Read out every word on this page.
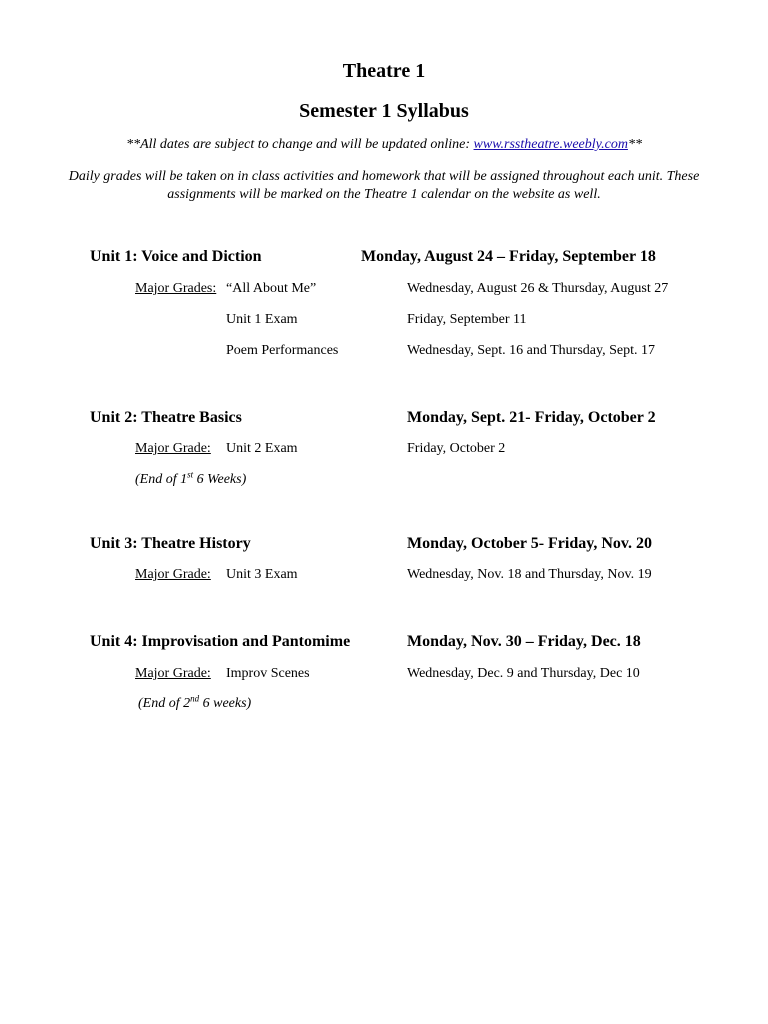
Theatre 1
Semester 1 Syllabus
**All dates are subject to change and will be updated online: www.rsstheatre.weebly.com**
Daily grades will be taken on in class activities and homework that will be assigned throughout each unit. These assignments will be marked on the Theatre 1 calendar on the website as well.
Unit 1: Voice and Diction	Monday, August 24 – Friday, September 18
Major Grades: “All About Me”	Wednesday, August 26 & Thursday, August 27
Unit 1 Exam	Friday, September 11
Poem Performances	Wednesday, Sept. 16 and Thursday, Sept. 17
Unit 2: Theatre Basics	Monday, Sept. 21- Friday, October 2
Major Grade: Unit 2 Exam	Friday, October 2
(End of 1st 6 Weeks)
Unit 3: Theatre History	Monday, October 5- Friday, Nov. 20
Major Grade: Unit 3 Exam	Wednesday, Nov. 18 and Thursday, Nov. 19
Unit 4: Improvisation and Pantomime	Monday, Nov. 30 – Friday, Dec. 18
Major Grade: Improv Scenes	Wednesday, Dec. 9 and Thursday, Dec 10
(End of 2nd 6 weeks)
